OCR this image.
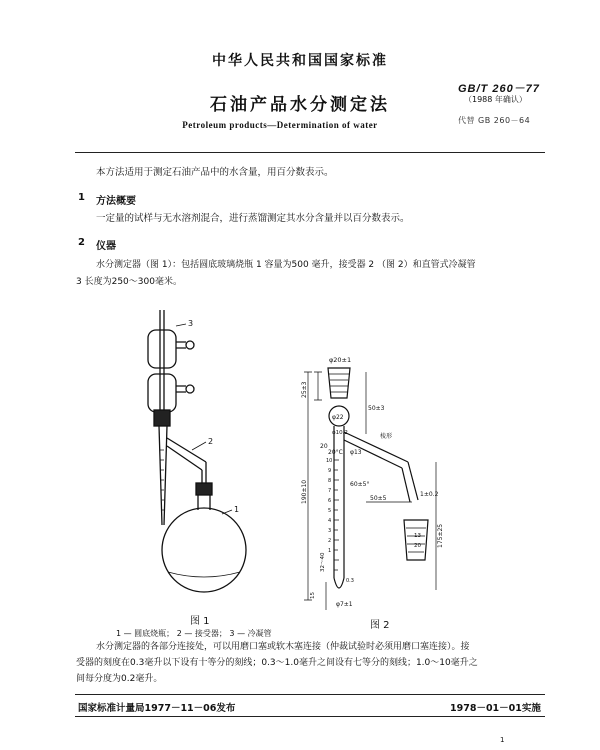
中华人民共和国国家标准
石油产品水分测定法
Petroleum products—Determination of water
GB/T 260－77
（1988 年确认）
代替 GB 260－64
本方法适用于测定石油产品中的水含量，用百分数表示。
1 方法概要
一定量的试样与无水溶剂混合，进行蒸馏测定其水分含量并以百分数表示。
2 仪器
水分测定器（图 1）：包括圆底玻璃烧瓶 1 容量为500 毫升，接受器 2 （图 2）和直管式冷凝管
3 长度为250～300毫米。
3
2
1
图 1
1 — 圆底烧瓶； 2 — 接受器； 3 — 冷凝管
φ20±1
25±3
50±3
φ22
φ10.2	棱形
20
20°C φ13
10
9
8
7
6
5
4
3
2
1
0.3
60±5°
50±5
190±10	1±0.2
175±25
13
20
32～40
15
φ7±1
图 2
水分测定器的各部分连接处，可以用磨口塞或软木塞连接（仲裁试验时必须用磨口塞连接）。接
受器的刻度在0.3毫升以下设有十等分的刻线；0.3～1.0毫升之间设有七等分的刻线；1.0～10毫升之
间每分度为0.2毫升。
国家标准计量局1977－11－06发布	1978－01－01实施
1
